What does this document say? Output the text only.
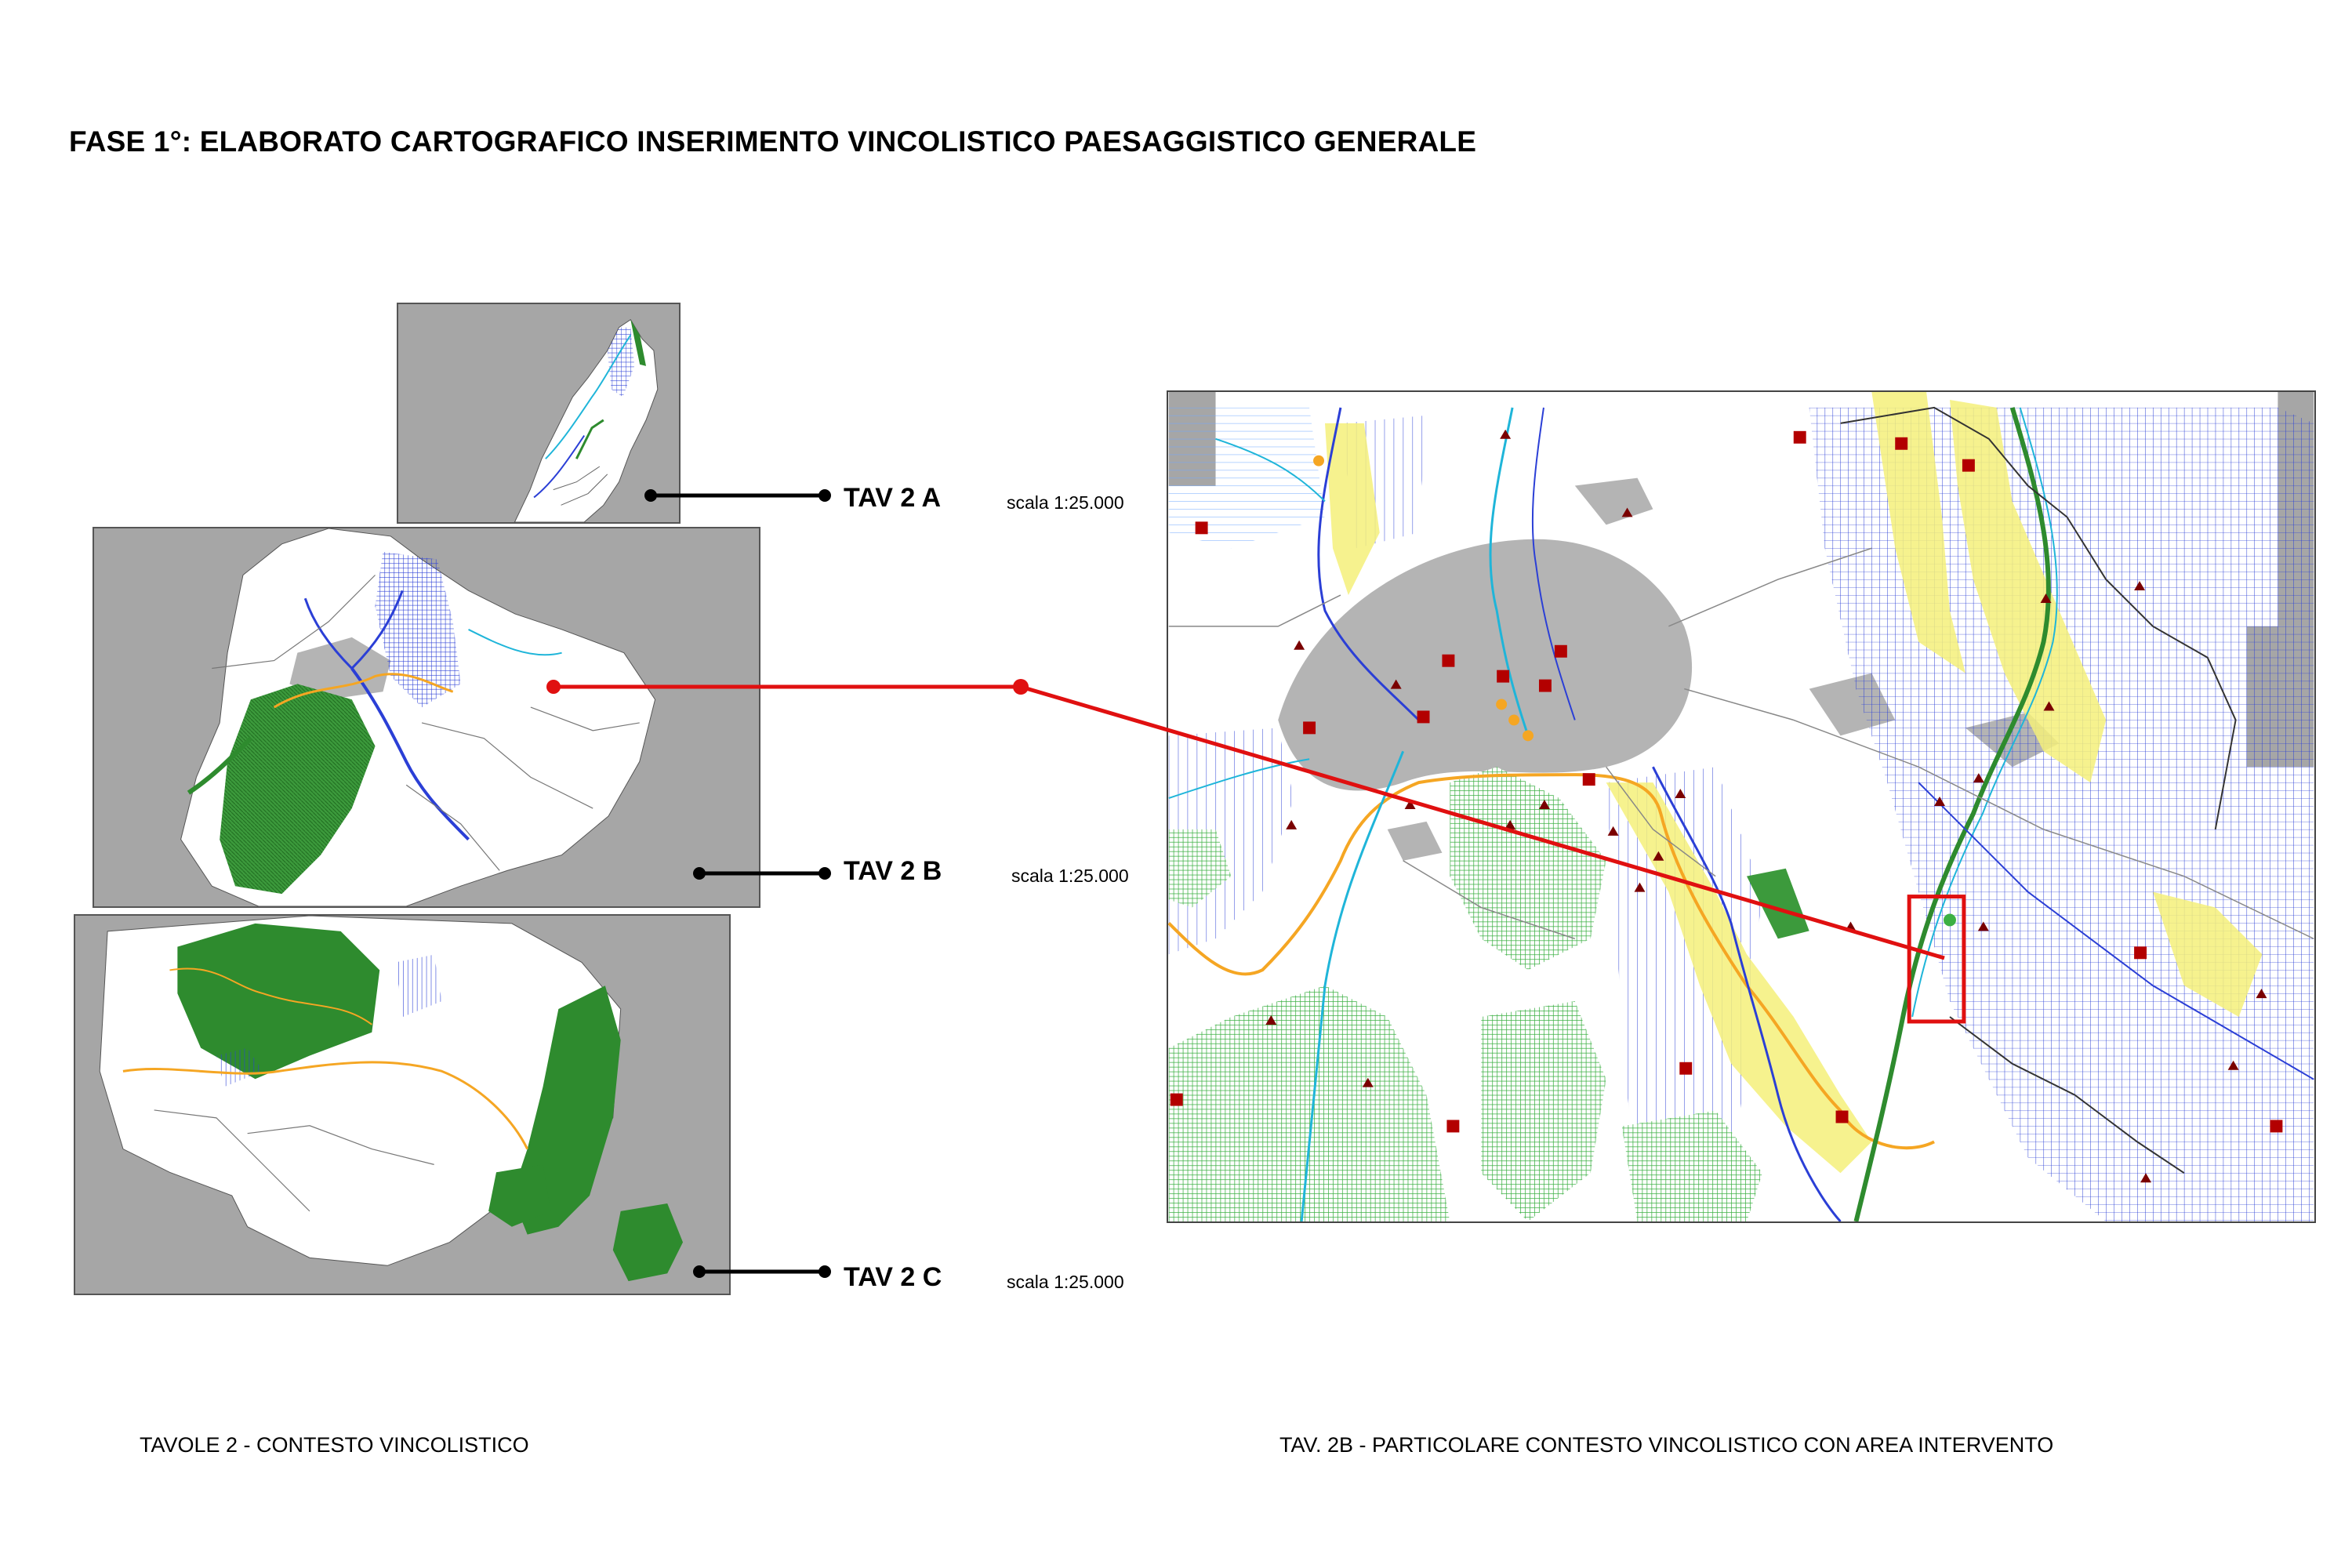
FASE 1°: ELABORATO CARTOGRAFICO INSERIMENTO VINCOLISTICO PAESAGGISTICO GENERALE
TAV 2 A	scala 1:25.000
TAV 2 B	scala 1:25.000
TAV 2 C	scala 1:25.000
TAVOLE 2 - CONTESTO VINCOLISTICO	TAV. 2B - PARTICOLARE CONTESTO VINCOLISTICO CON AREA INTERVENTO
